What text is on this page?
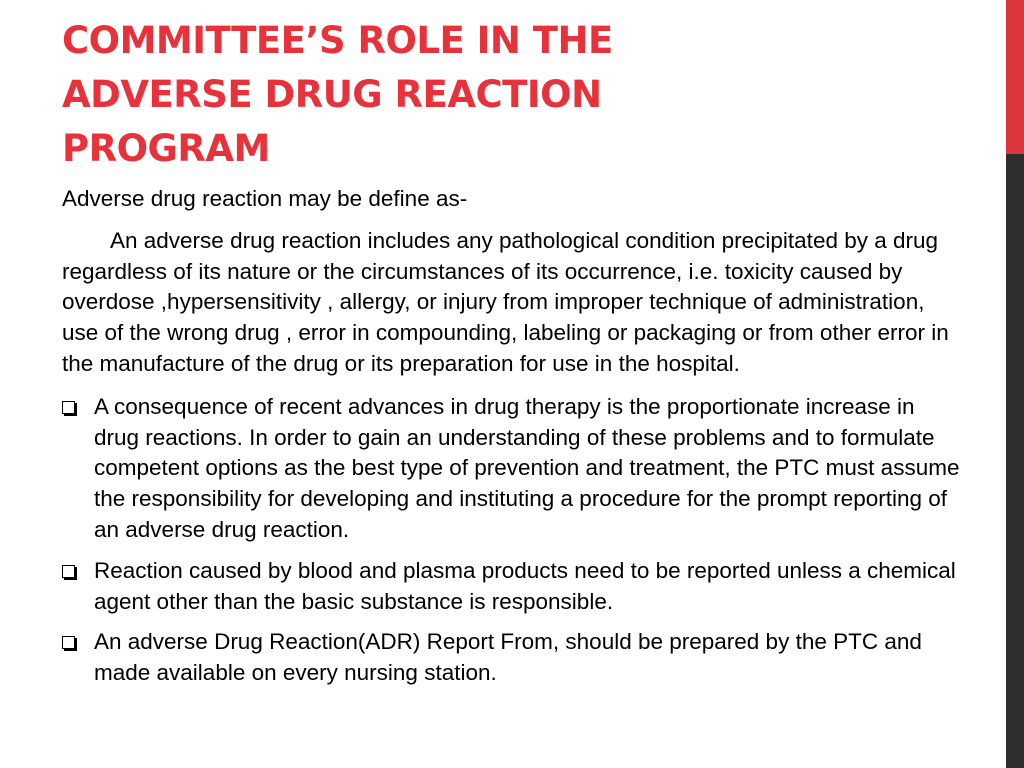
COMMITTEE’S ROLE IN THE
ADVERSE DRUG REACTION
PROGRAM

Adverse drug reaction may be define as-

An adverse drug reaction includes any pathological condition precipitated by a drug regardless of its nature or the circumstances of its occurrence, i.e. toxicity caused by overdose ,hypersensitivity , allergy, or injury from improper technique of administration, use of the wrong drug , error in compounding, labeling or packaging or from other error in the manufacture of the drug or its preparation for use in the hospital.

A consequence of recent advances in drug therapy is the proportionate increase in drug reactions. In order to gain an understanding of these problems and to formulate competent options as the best type of prevention and treatment, the PTC must assume the responsibility for developing and instituting a procedure for the prompt reporting of an adverse drug reaction.
Reaction caused by blood and plasma products need to be reported unless a chemical agent other than the basic substance is responsible.
An adverse Drug Reaction(ADR) Report From, should be prepared by the PTC and made available on every nursing station.
